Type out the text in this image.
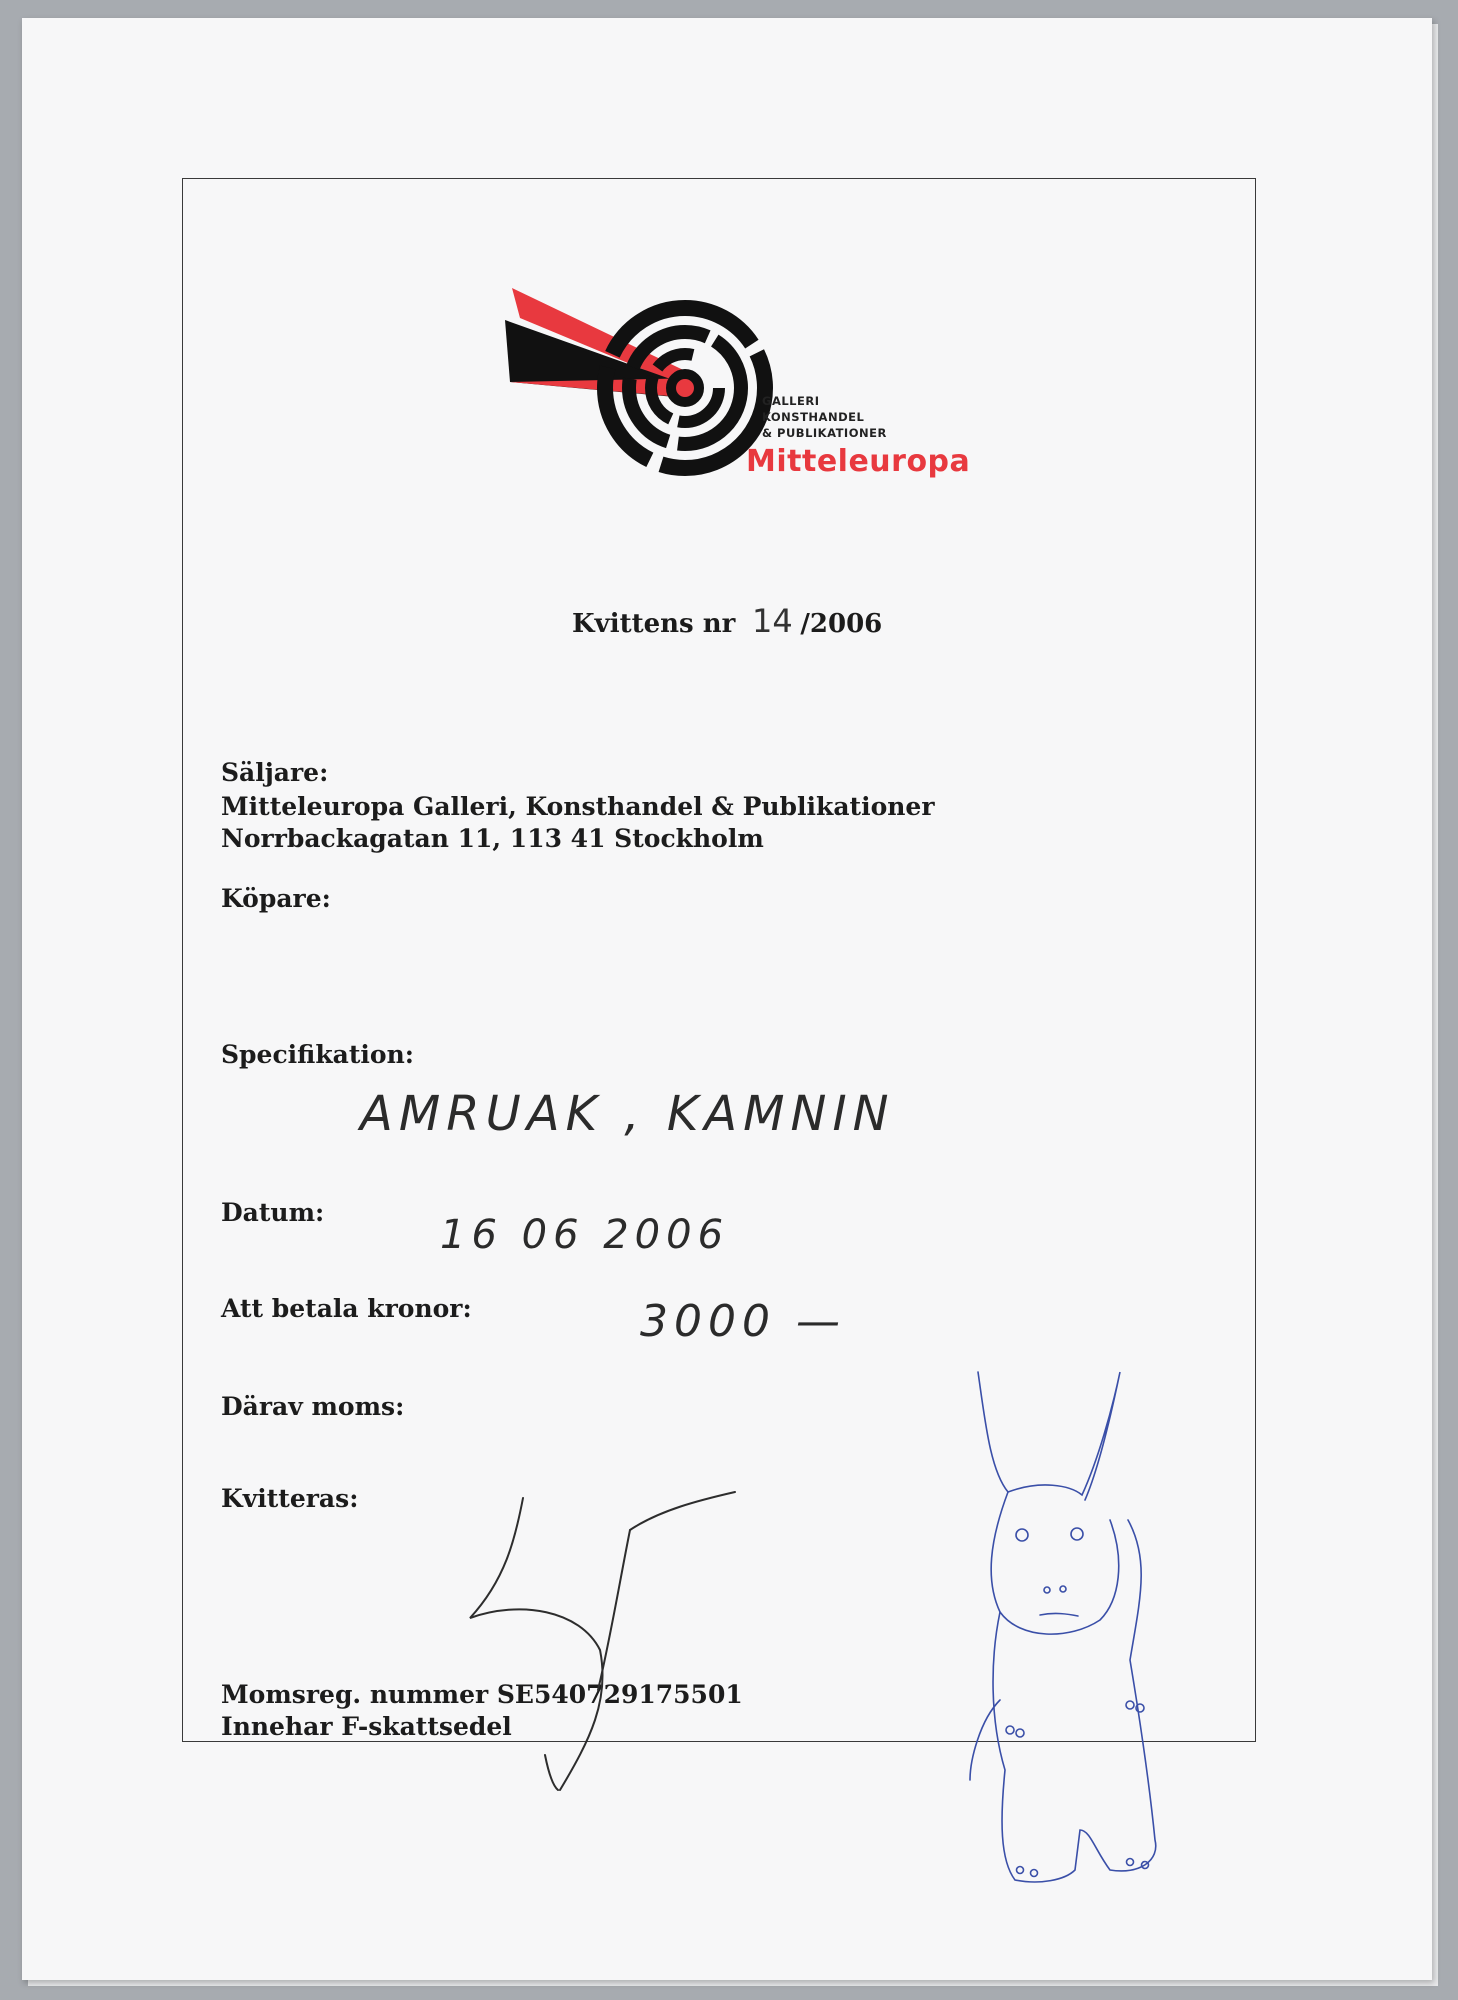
GALLERI
KONSTHANDEL
& PUBLIKATIONER
Mitteleuropa
Kvittens nr 14 /2006
Säljare:
Mitteleuropa Galleri, Konsthandel & Publikationer
Norrbackagatan 11, 113 41 Stockholm
Köpare:
Specifikation:
AMRUAK , KAMNIN
Datum:	16 06 2006
Att betala kronor:	3000 —
Därav moms:
Kvitteras:
Momsreg. nummer SE540729175501
Innehar F-skattsedel
